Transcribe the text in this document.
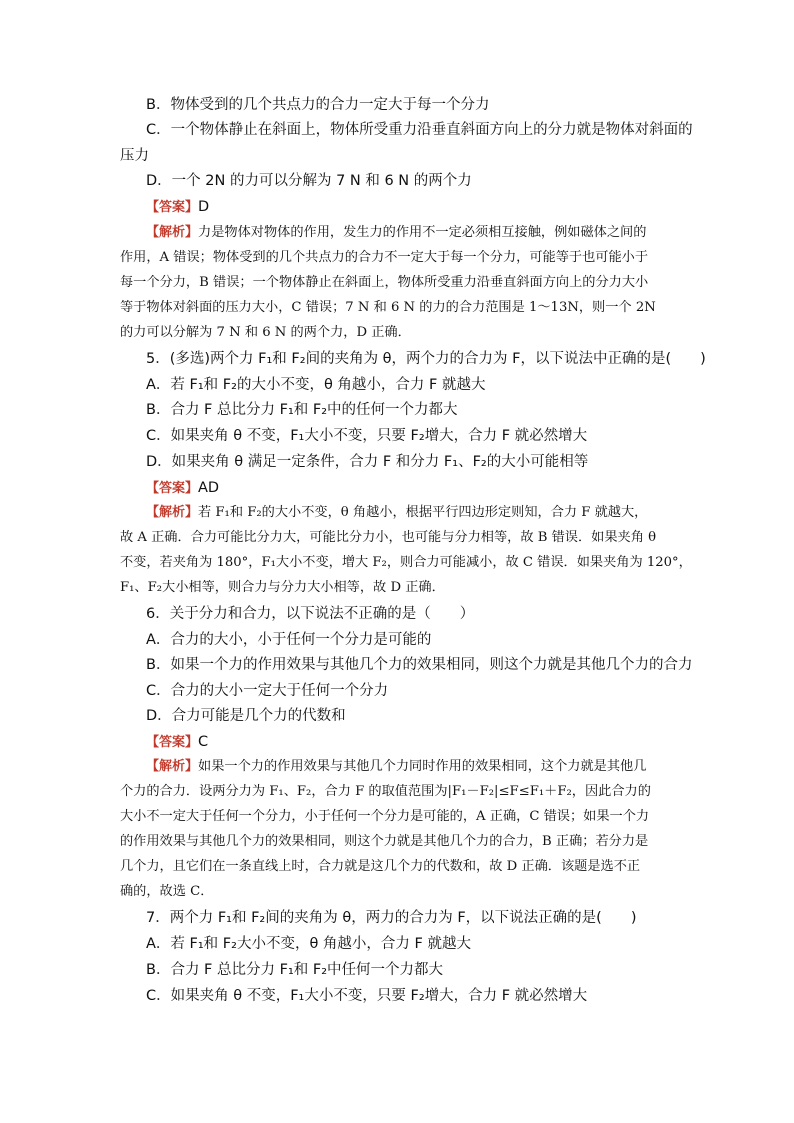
B．物体受到的几个共点力的合力一定大于每一个分力
C．一个物体静止在斜面上，物体所受重力沿垂直斜面方向上的分力就是物体对斜面的
压力
D．一个 2N 的力可以分解为 7 N 和 6 N 的两个力
【答案】D
【解析】力是物体对物体的作用，发生力的作用不一定必须相互接触，例如磁体之间的
作用，A 错误；物体受到的几个共点力的合力不一定大于每一个分力，可能等于也可能小于
每一个分力，B 错误；一个物体静止在斜面上，物体所受重力沿垂直斜面方向上的分力大小
等于物体对斜面的压力大小，C 错误；7 N 和 6 N 的力的合力范围是 1～13N，则一个 2N
的力可以分解为 7 N 和 6 N 的两个力，D 正确．
5．(多选)两个力 F₁和 F₂间的夹角为 θ，两个力的合力为 F，以下说法中正确的是(　　)
A．若 F₁和 F₂的大小不变，θ 角越小，合力 F 就越大
B．合力 F 总比分力 F₁和 F₂中的任何一个力都大
C．如果夹角 θ 不变，F₁大小不变，只要 F₂增大，合力 F 就必然增大
D．如果夹角 θ 满足一定条件，合力 F 和分力 F₁、F₂的大小可能相等
【答案】AD
【解析】若 F₁和 F₂的大小不变，θ 角越小，根据平行四边形定则知，合力 F 就越大，
故 A 正确．合力可能比分力大，可能比分力小，也可能与分力相等，故 B 错误．如果夹角 θ
不变，若夹角为 180°，F₁大小不变，增大 F₂，则合力可能减小，故 C 错误．如果夹角为 120°，
F₁、F₂大小相等，则合力与分力大小相等，故 D 正确．
6．关于分力和合力，以下说法不正确的是（　　）
A．合力的大小，小于任何一个分力是可能的
B．如果一个力的作用效果与其他几个力的效果相同，则这个力就是其他几个力的合力
C．合力的大小一定大于任何一个分力
D．合力可能是几个力的代数和
【答案】C
【解析】如果一个力的作用效果与其他几个力同时作用的效果相同，这个力就是其他几
个力的合力．设两分力为 F₁、F₂，合力 F 的取值范围为|F₁－F₂|≤F≤F₁＋F₂，因此合力的
大小不一定大于任何一个分力，小于任何一个分力是可能的，A 正确，C 错误；如果一个力
的作用效果与其他几个力的效果相同，则这个力就是其他几个力的合力，B 正确；若分力是
几个力，且它们在一条直线上时，合力就是这几个力的代数和，故 D 正确．该题是选不正
确的，故选 C．
7．两个力 F₁和 F₂间的夹角为 θ，两力的合力为 F，以下说法正确的是(　　)
A．若 F₁和 F₂大小不变，θ 角越小，合力 F 就越大
B．合力 F 总比分力 F₁和 F₂中任何一个力都大
C．如果夹角 θ 不变，F₁大小不变，只要 F₂增大，合力 F 就必然增大
